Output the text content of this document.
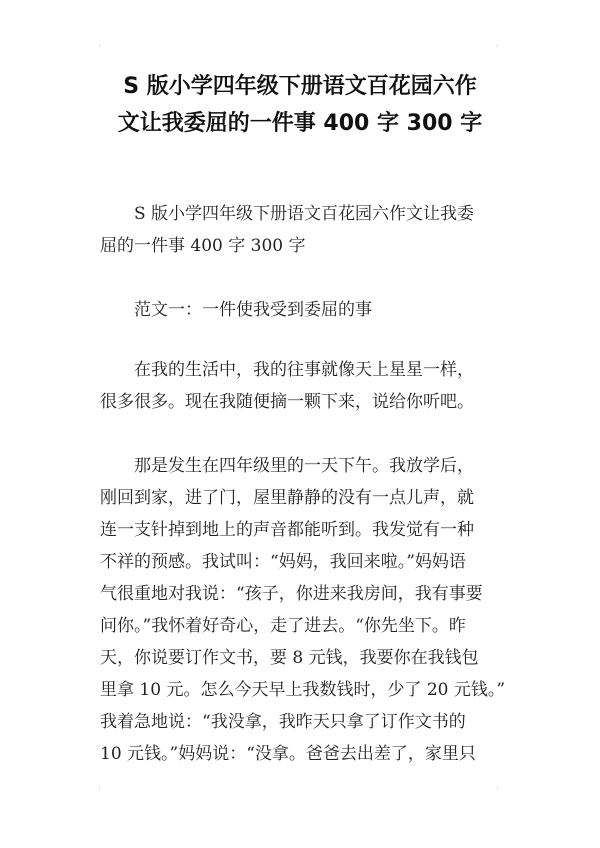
'	'
'	'
S 版小学四年级下册语文百花园六作
文让我委屈的一件事 400 字 300 字
S 版小学四年级下册语文百花园六作文让我委
屈的一件事 400 字 300 字
范文一：一件使我受到委屈的事
在我的生活中，我的往事就像天上星星一样，
很多很多。现在我随便摘一颗下来，说给你听吧。
那是发生在四年级里的一天下午。我放学后，
刚回到家，进了门，屋里静静的没有一点儿声，就
连一支针掉到地上的声音都能听到。我发觉有一种
不祥的预感。我试叫：“妈妈，我回来啦。”妈妈语
气很重地对我说：“孩子，你进来我房间，我有事要
问你。”我怀着好奇心，走了进去。“你先坐下。昨
天，你说要订作文书，要 8 元钱，我要你在我钱包
里拿 10 元。怎么今天早上我数钱时，少了 20 元钱。”
我着急地说：“我没拿，我昨天只拿了订作文书的
10 元钱。”妈妈说：“没拿。爸爸去出差了，家里只
